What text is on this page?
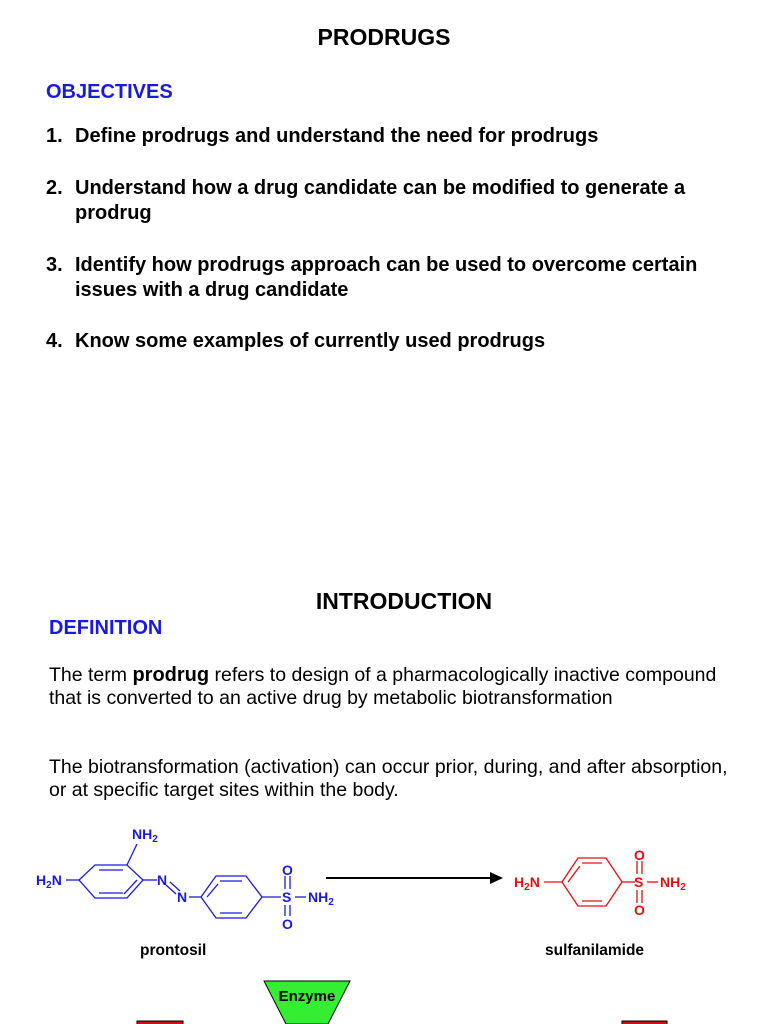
PRODRUGS
OBJECTIVES
1. Define prodrugs and understand the need for prodrugs
2. Understand how a drug candidate can be modified to generate a prodrug
3. Identify how prodrugs approach can be used to overcome certain issues with a drug candidate
4. Know some examples of currently used prodrugs
INTRODUCTION
DEFINITION
The term prodrug refers to design of a pharmacologically inactive compound that is converted to an active drug by metabolic biotransformation
The biotransformation (activation) can occur prior, during, and after absorption, or at specific target sites within the body.
$NH_2$
$H_2N$	N
N
O
S
O
$NH_2$
$H_2N$
O
S
O
$NH_2$
prontosil	sulfanilamide
Enzyme
